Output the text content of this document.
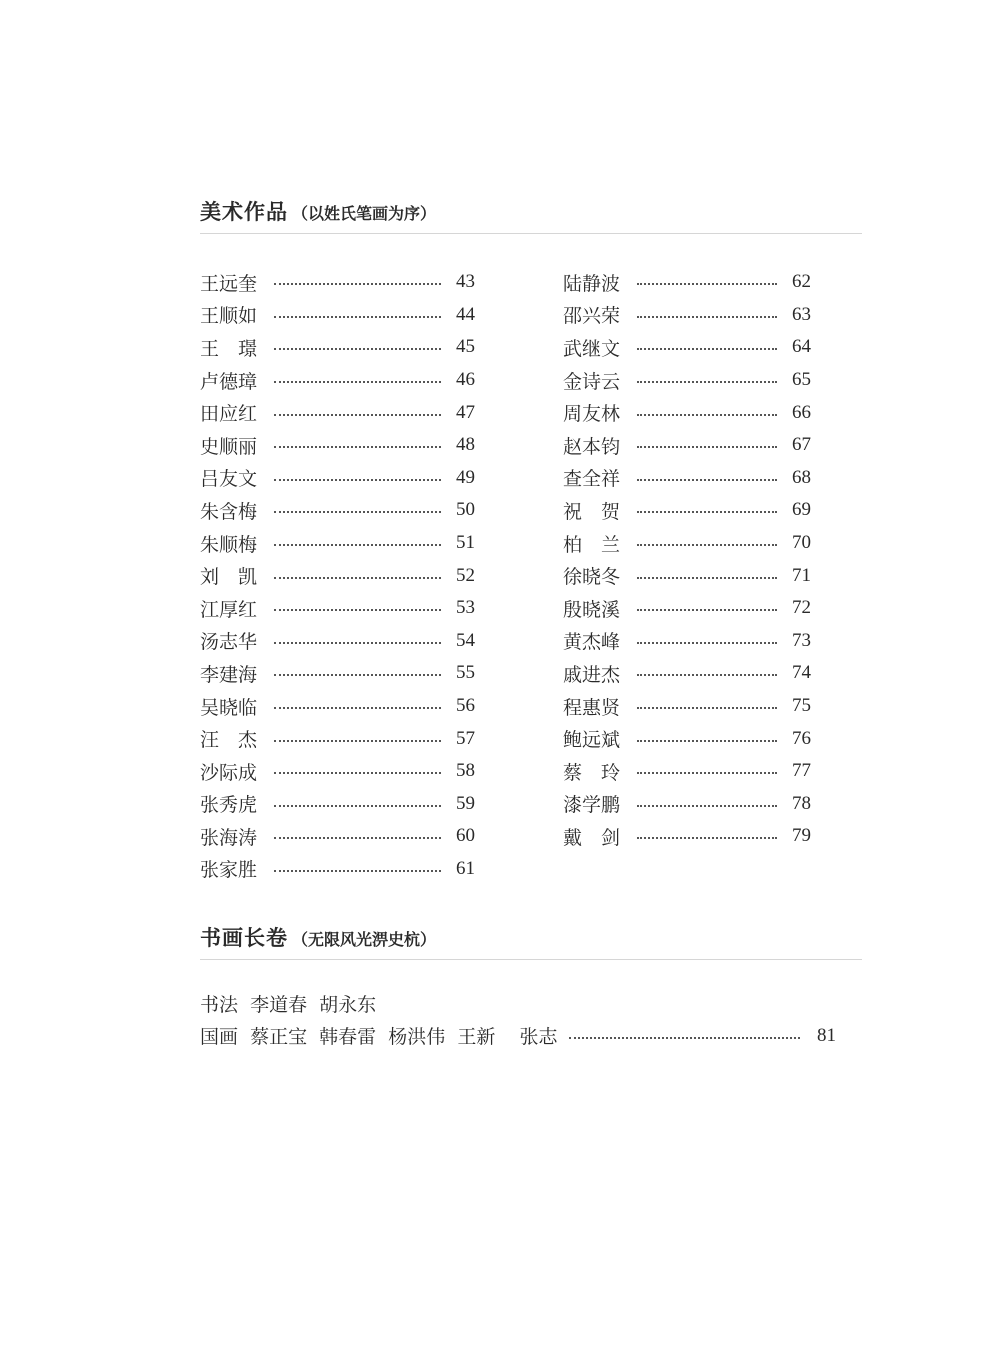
美术作品 （以姓氏笔画为序）
王远奎	43
王顺如	44
王　璟	45
卢德璋	46
田应红	47
史顺丽	48
吕友文	49
朱含梅	50
朱顺梅	51
刘　凯	52
江厚红	53
汤志华	54
李建海	55
吴晓临	56
汪　杰	57
沙际成	58
张秀虎	59
张海涛	60
张家胜	61
陆静波	62
邵兴荣	63
武继文	64
金诗云	65
周友林	66
赵本钧	67
查全祥	68
祝　贺	69
柏　兰	70
徐晓冬	71
殷晓溪	72
黄杰峰	73
戚进杰	74
程惠贤	75
鲍远斌	76
蔡　玲	77
漆学鹏	78
戴　剑	79
书画长卷 （无限风光淠史杭）
书法  李道春  胡永东
国画  蔡正宝  韩春雷  杨洪伟  王新    张志	81
